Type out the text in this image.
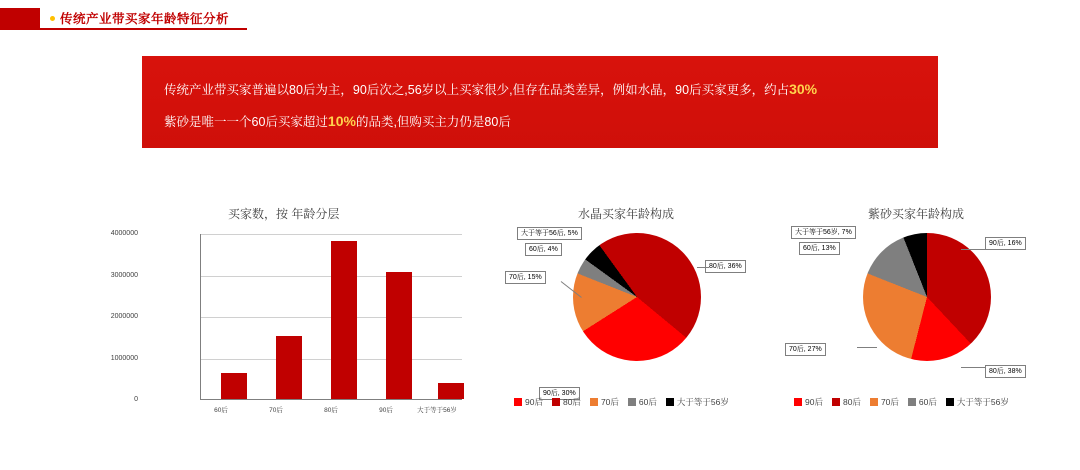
传统产业带买家年龄特征分析
传统产业带买家普遍以80后为主，90后次之,56岁以上买家很少,但存在品类差异，例如水晶，90后买家更多，约占30%
紫砂是唯一一个60后买家超过10%的品类,但购买主力仍是80后
买家数，按 年龄分层
4000000
3000000
2000000
1000000
0
60后	70后	80后	90后	大于等于56岁
水晶买家年龄构成
80后, 36%
90后, 30%
70后, 15%
60后, 4%
大于等于56后, 5%
90后 80后 70后 60后 大于等于56岁
紫砂买家年龄构成
90后, 16%
80后, 38%
70后, 27%
60后, 13%
大于等于56岁, 7%
90后 80后 70后 60后 大于等于56岁
